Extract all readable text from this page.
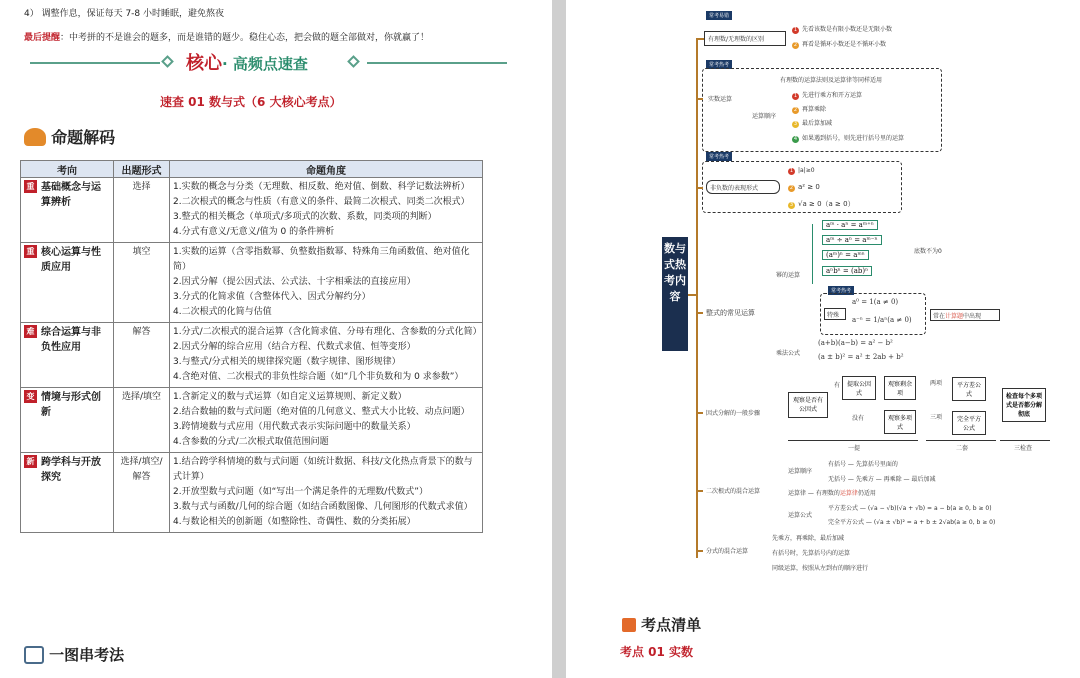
4） 调整作息，保证每天 7-8 小时睡眠，避免熬夜
最后提醒：中考拼的不是谁会的题多，而是谁错的题少。稳住心态，把会做的题全部做对，你就赢了！
核心· 高频点速查
速查 01 数与式（6 大核心考点）
命题解码
考向	出题形式	命题角度
重 基础概念与运算辨析	选择	1.实数的概念与分类（无理数、相反数、绝对值、倒数、科学记数法辨析）
2.二次根式的概念与性质（有意义的条件、最简二次根式、同类二次根式）
3.整式的相关概念（单项式/多项式的次数、系数，同类项的判断）
4.分式有意义/无意义/值为 0 的条件辨析

重 核心运算与性质应用	填空	1.实数的运算（含零指数幂、负整数指数幂、特殊角三角函数值、绝对值化简）
2.因式分解（提公因式法、公式法、十字相乘法的直接应用）
3.分式的化简求值（含整体代入、因式分解约分）
4.二次根式的化简与估值

难 综合运算与非负性应用	解答	1.分式/二次根式的混合运算（含化简求值、分母有理化、含参数的分式化简）
2.因式分解的综合应用（结合方程、代数式求值、恒等变形）
3.与整式/分式相关的规律探究题（数字规律、图形规律）
4.含绝对值、二次根式的非负性综合题（如“几个非负数和为 0 求参数”）

变 情境与形式创新	选择/填空	1.含新定义的数与式运算（如自定义运算规则、新定义数）
2.结合数轴的数与式问题（绝对值的几何意义、整式大小比较、动点问题）
3.跨情境数与式应用（用代数式表示实际问题中的数量关系）
4.含参数的分式/二次根式取值范围问题

新 跨学科与开放探究	选择/填空/解答	1.结合跨学科情境的数与式问题（如统计数据、科技/文化热点背景下的数与式计算）
2.开放型数与式问题（如“写出一个满足条件的无理数/代数式”）
3.数与式与函数/几何的综合题（如结合函数图像、几何图形的代数式求值）
4.与数论相关的创新题（如整除性、奇偶性、数的分类拓展）
一图串考法
数与式热考内容
常考易错
有理数/无理数的区别
1 先看该数是有限小数还是无限小数
2 再看是循环小数还是不循环小数
常考热考
实数运算
有理数的运算法则及运算律等同样适用
运算顺序
1 先进行乘方和开方运算
2 再算乘除
3 最后算加减
4 如果遇到括号，则先进行括号里的运算
常考热考
非负数的表现形式
1 |a|≥0
2 a² ≥ 0
3 √a ≥ 0（a ≥ 0）
整式的常见运算
幂的运算
aᵐ · aⁿ = aᵐ⁺ⁿ
aᵐ ÷ aⁿ = aᵐ⁻ⁿ
(aᵐ)ⁿ = aᵐⁿ
aⁿbⁿ = (ab)ⁿ
底数不为0
常考热考
特殊
a⁰ = 1(a ≠ 0)
a⁻ⁿ = 1/aⁿ(a ≠ 0)	常在计算题中出现
乘法公式
(a+b)(a−b) = a² − b²
(a ± b)² = a² ± 2ab + b²
因式分解的一般步骤
观察是否有公因式
有
没有
提取公因式
观察剩余项
观察多项式
两项
三项
平方差公式
完全平方公式
检查每个多项式是否都分解彻底
一提	二套	三检查
二次根式的混合运算
运算顺序
有括号 — 先算括号里面的
无括号 — 先乘方 — 再乘除 — 最后加减
运算律 — 有理数的运算律仍适用
运算公式
平方差公式 — (√a − √b)(√a + √b) = a − b(a ≥ 0, b ≥ 0)
完全平方公式 — (√a ± √b)² = a + b ± 2√ab(a ≥ 0, b ≥ 0)
分式的混合运算
先乘方，再乘除，最后加减
有括号时，先算括号内的运算
同级运算，按照从左到右的顺序进行
考点清单
考点 01 实数
